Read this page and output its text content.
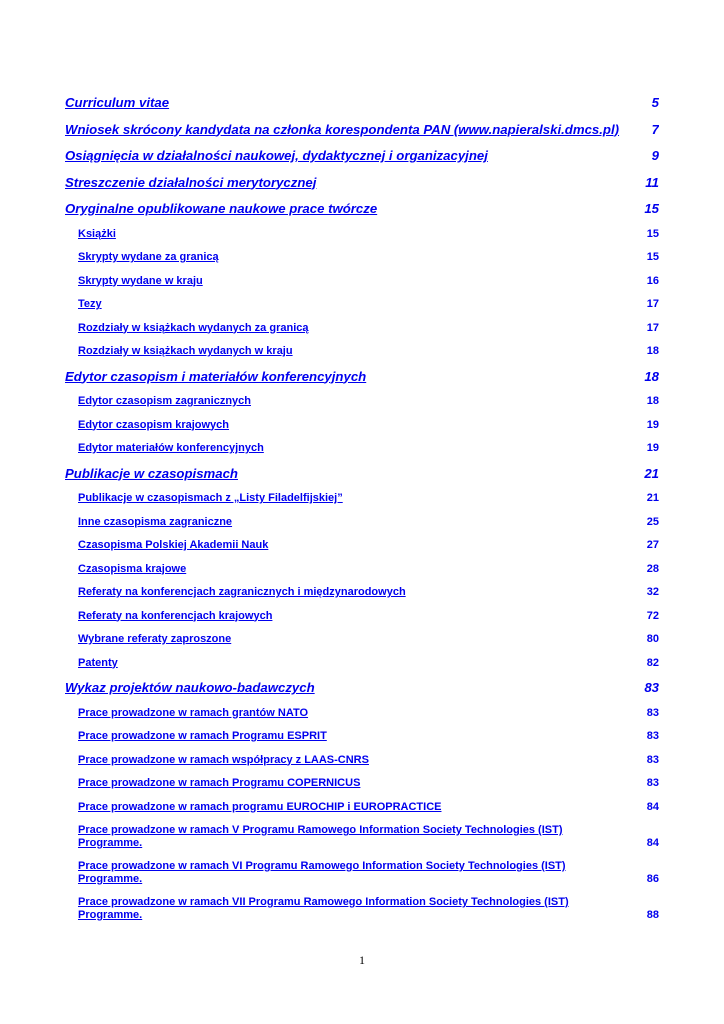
Curriculum vitae	5
Wniosek skrócony kandydata na członka korespondenta PAN (www.napieralski.dmcs.pl) 7
Osiągnięcia w działalności naukowej, dydaktycznej i organizacyjnej	9
Streszczenie działalności merytorycznej	11
Oryginalne opublikowane naukowe prace twórcze	15
Książki	15
Skrypty wydane za granicą	15
Skrypty wydane w kraju	16
Tezy	17
Rozdziały w książkach wydanych za granicą	17
Rozdziały w książkach wydanych w kraju	18
Edytor czasopism i materiałów konferencyjnych	18
Edytor czasopism zagranicznych	18
Edytor czasopism krajowych	19
Edytor materiałów konferencyjnych	19
Publikacje w czasopismach	21
Publikacje w czasopismach z „Listy Filadelfijskiej”	21
Inne czasopisma zagraniczne	25
Czasopisma Polskiej Akademii Nauk	27
Czasopisma krajowe	28
Referaty na konferencjach zagranicznych i międzynarodowych	32
Referaty na konferencjach krajowych	72
Wybrane referaty zaproszone	80
Patenty	82
Wykaz projektów naukowo-badawczych	83
Prace prowadzone w ramach grantów NATO	83
Prace prowadzone w ramach Programu ESPRIT	83
Prace prowadzone w ramach współpracy z LAAS-CNRS	83
Prace prowadzone w ramach Programu COPERNICUS	83
Prace prowadzone w ramach programu EUROCHIP i EUROPRACTICE	84
Prace prowadzone w ramach V Programu Ramowego Information Society Technologies (IST)
Programme.	84
Prace prowadzone w ramach VI Programu Ramowego Information Society Technologies (IST)
Programme.	86
Prace prowadzone w ramach VII Programu Ramowego Information Society Technologies (IST)
Programme.	88
1
